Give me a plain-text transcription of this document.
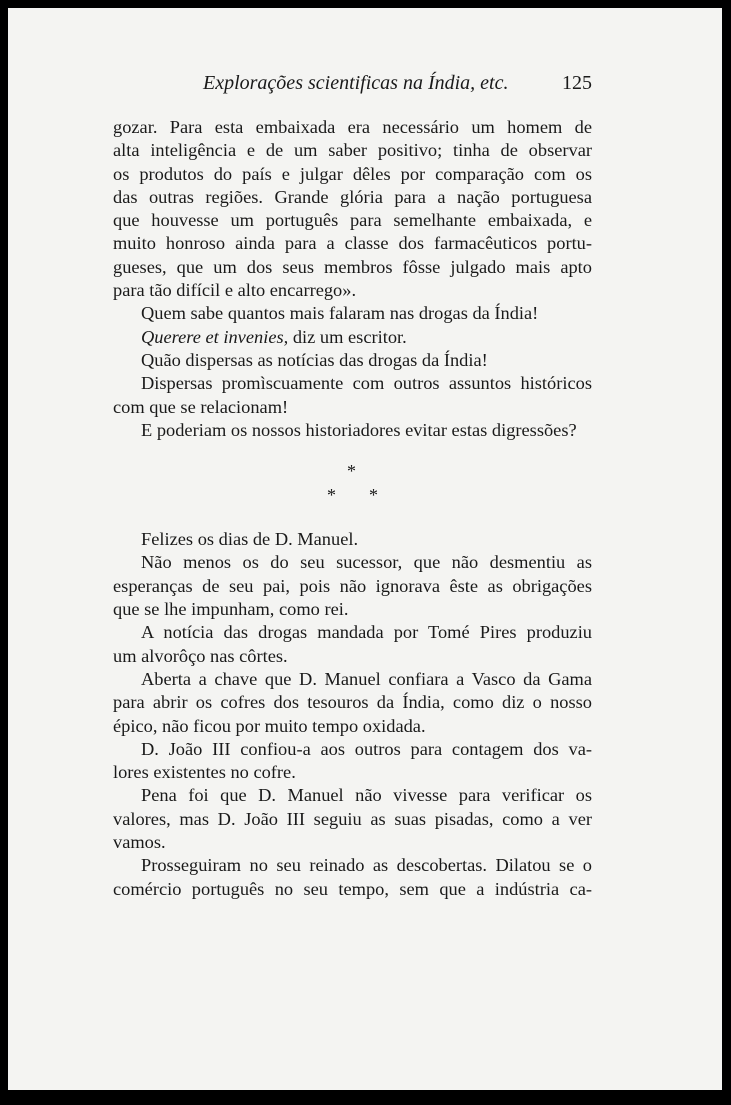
Explorações scientificas na Índia, etc.	125

gozar. Para esta embaixada era necessário um homem de
alta inteligência e de um saber positivo; tinha de observar
os produtos do país e julgar dêles por comparação com os
das outras regiões. Grande glória para a nação portuguesa
que houvesse um português para semelhante embaixada, e
muito honroso ainda para a classe dos farmacêuticos portu-
gueses, que um dos seus membros fôsse julgado mais apto
para tão difícil e alto encarrego».

Quem sabe quantos mais falaram nas drogas da Índia!

Querere et invenies, diz um escritor.

Quão dispersas as notícias das drogas da Índia!

Dispersas promìscuamente com outros assuntos históricos
com que se relacionam!

E poderiam os nossos historiadores evitar estas digressões?

*
* *

Felizes os dias de D. Manuel.

Não menos os do seu sucessor, que não desmentiu as
esperanças de seu pai, pois não ignorava êste as obrigações
que se lhe impunham, como rei.

A notícia das drogas mandada por Tomé Pires produziu
um alvorôço nas côrtes.

Aberta a chave que D. Manuel confiara a Vasco da Gama
para abrir os cofres dos tesouros da Índia, como diz o nosso
épico, não ficou por muito tempo oxidada.

D. João III confiou-a aos outros para contagem dos va-
lores existentes no cofre.

Pena foi que D. Manuel não vivesse para verificar os
valores, mas D. João III seguiu as suas pisadas, como a ver
vamos.

Prosseguiram no seu reinado as descobertas. Dilatou se o
comércio português no seu tempo, sem que a indústria ca-
